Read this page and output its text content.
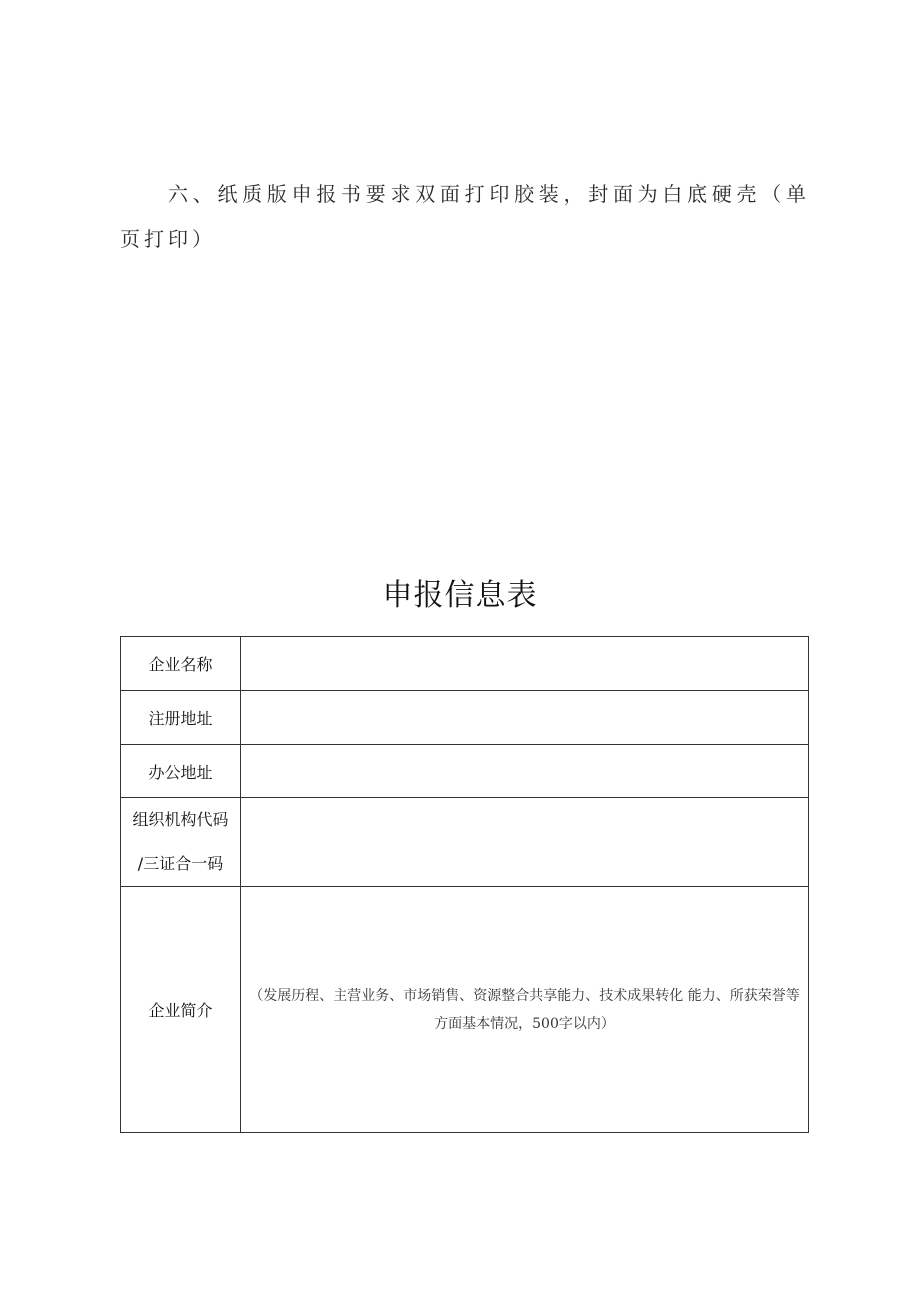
六、纸质版申报书要求双面打印胶装，封面为白底硬壳（单 页打印）

申报信息表
企业名称	
注册地址	
办公地址	

组织机构代码
/三证合一码	

企业简介	（发展历程、主营业务、市场销售、资源整合共享能力、技术成果转化 能力、所获荣誉等方面基本情况，500字以内）
